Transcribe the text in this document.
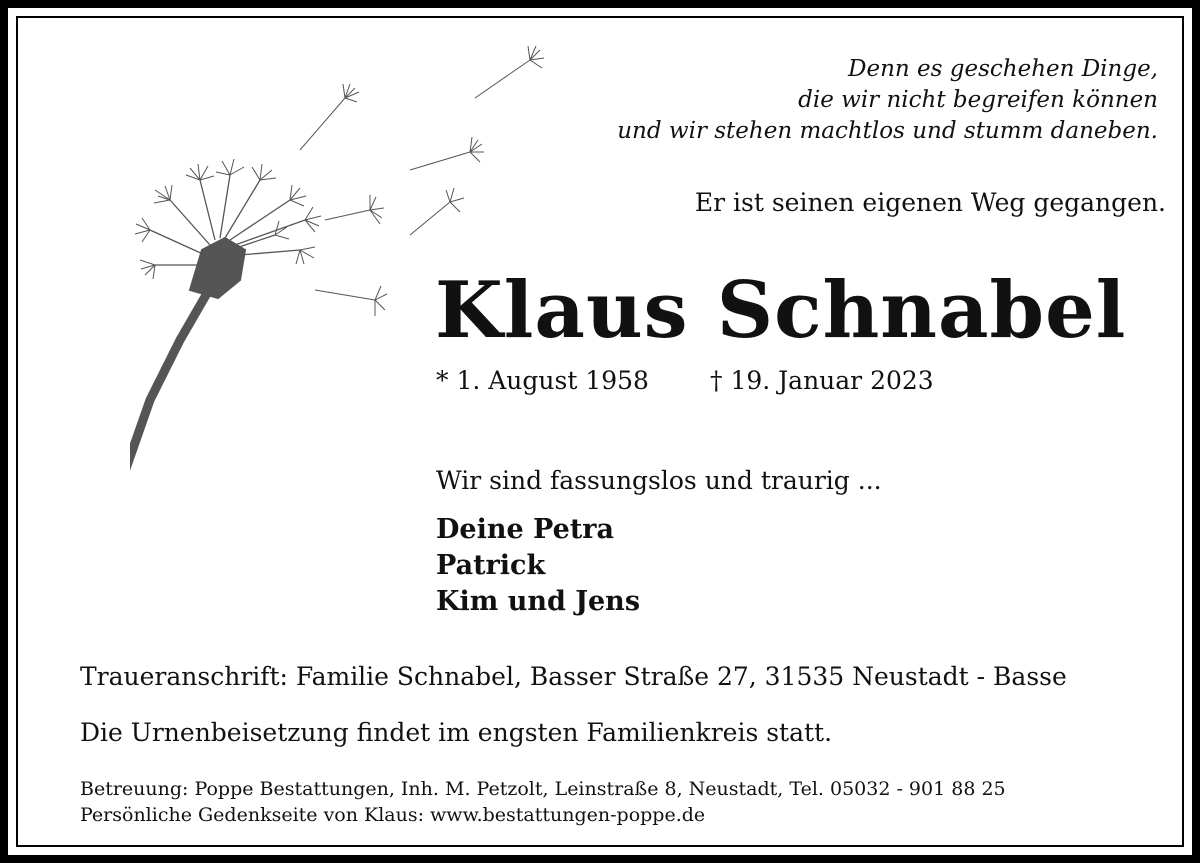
Denn es geschehen Dinge,
die wir nicht begreifen können
und wir stehen machtlos und stumm daneben.
Er ist seinen eigenen Weg gegangen.
Klaus Schnabel
* 1. August 1958 † 19. Januar 2023
Wir sind fassungslos und traurig ...
Deine Petra
Patrick
Kim und Jens
Traueranschrift: Familie Schnabel, Basser Straße 27, 31535 Neustadt - Basse
Die Urnenbeisetzung findet im engsten Familienkreis statt.
Betreuung: Poppe Bestattungen, Inh. M. Petzolt, Leinstraße 8, Neustadt, Tel. 05032 - 901 88 25
Persönliche Gedenkseite von Klaus: www.bestattungen-poppe.de
